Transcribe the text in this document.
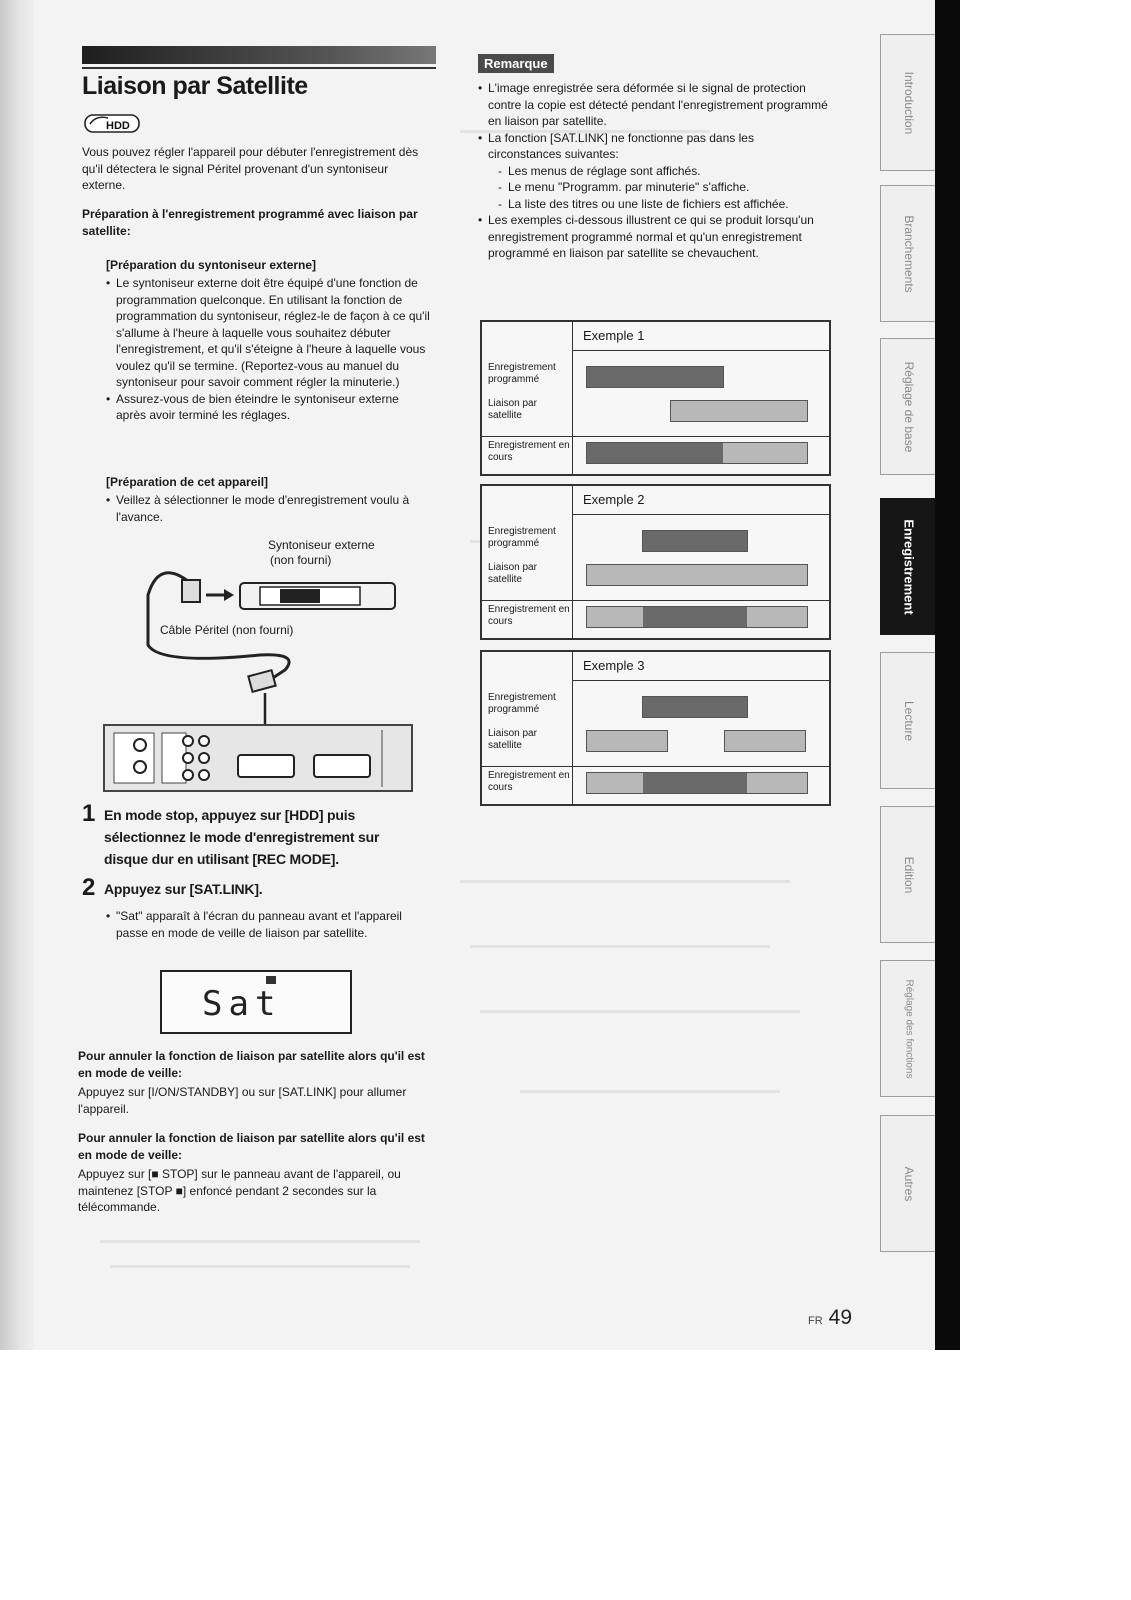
Liaison par Satellite
HDD

Vous pouvez régler l'appareil pour débuter l'enregistrement dès qu'il détectera le signal Péritel provenant d'un syntoniseur externe.

Préparation à l'enregistrement programmé avec liaison par satellite:

[Préparation du syntoniseur externe]

• Le syntoniseur externe doit être équipé d'une fonction de programmation quelconque. En utilisant la fonction de programmation du syntoniseur, réglez-le de façon à ce qu'il s'allume à l'heure à laquelle vous souhaitez débuter l'enregistrement, et qu'il s'éteigne à l'heure à laquelle vous voulez qu'il se termine. (Reportez-vous au manuel du syntoniseur pour savoir comment régler la minuterie.)
• Assurez-vous de bien éteindre le syntoniseur externe après avoir terminé les réglages.

[Préparation de cet appareil]

• Veillez à sélectionner le mode d'enregistrement voulu à l'avance.
Syntoniseur externe
(non fourni)
Câble Péritel (non fourni)
1 En mode stop, appuyez sur [HDD] puis sélectionnez le mode d'enregistrement sur disque dur en utilisant [REC MODE].
2 Appuyez sur [SAT.LINK].
• "Sat" apparaît à l'écran du panneau avant et l'appareil passe en mode de veille de liaison par satellite.
Sat

Pour annuler la fonction de liaison par satellite alors qu'il est en mode de veille:

Appuyez sur [I/ON/STANDBY] ou sur [SAT.LINK] pour allumer l'appareil.

Pour annuler la fonction de liaison par satellite alors qu'il est en mode de veille:

Appuyez sur [■ STOP] sur le panneau avant de l'appareil, ou maintenez [STOP ■] enfoncé pendant 2 secondes sur la télécommande.

Remarque
• L'image enregistrée sera déformée si le signal de protection contre la copie est détecté pendant l'enregistrement programmé en liaison par satellite.
• La fonction [SAT.LINK] ne fonctionne pas dans les circonstances suivantes:
- Les menus de réglage sont affichés.
- Le menu "Programm. par minuterie" s'affiche.
- La liste des titres ou une liste de fichiers est affichée.
• Les exemples ci-dessous illustrent ce qui se produit lorsqu'un enregistrement programmé normal et qu'un enregistrement programmé en liaison par satellite se chevauchent.
Exemple 1
Enregistrement programmé
Liaison par satellite
Enregistrement en cours
Exemple 2
Enregistrement programmé
Liaison par satellite
Enregistrement en cours
Exemple 3
Enregistrement programmé
Liaison par satellite
Enregistrement en cours
Introduction
Branchements
Réglage de base
Enregistrement
Lecture
Edition
Réglage des fonctions
Autres
FR 49
